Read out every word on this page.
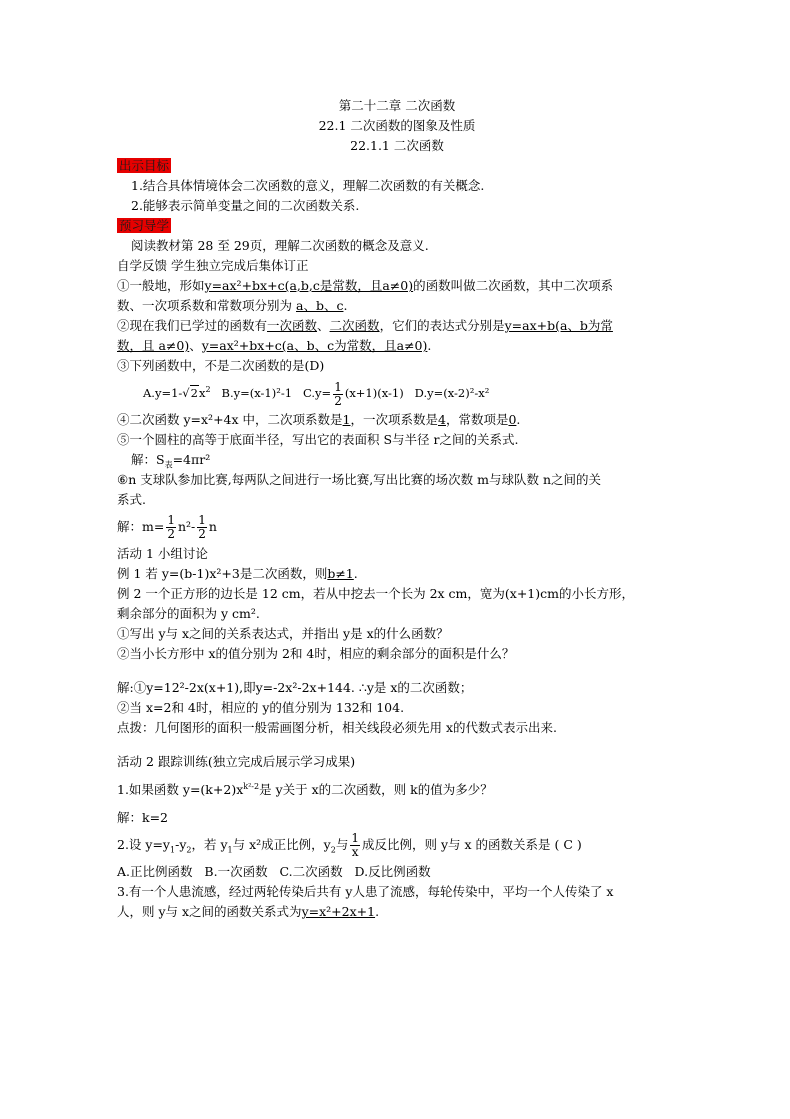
第二十二章 二次函数
22.1 二次函数的图象及性质
22.1.1 二次函数
出示目标
1.结合具体情境体会二次函数的意义，理解二次函数的有关概念.
2.能够表示简单变量之间的二次函数关系.
预习导学
阅读教材第 28 至 29页，理解二次函数的概念及意义.
自学反馈 学生独立完成后集体订正
①一般地，形如y=ax²+bx+c(a,b,c是常数，且a≠0)的函数叫做二次函数，其中二次项系
数、一次项系数和常数项分别为 a、b、c.
②现在我们已学过的函数有一次函数、二次函数，它们的表达式分别是y=ax+b(a、b为常
数，且 a≠0)、y=ax²+bx+c(a、b、c为常数，且a≠0).
③下列函数中，不是二次函数的是(D)
$A.y=1-√2x^2$ B.y=(x-1)²-1 $C.y= \frac{1}{2} (x+1)(x-1)$ D.y=(x-2)²-x²
④二次函数 y=x²+4x 中，二次项系数是1，一次项系数是4，常数项是0.
⑤一个圆柱的高等于底面半径，写出它的表面积 S与半径 r之间的关系式.
解：$S_表=4\pi r^2$
⑥n 支球队参加比赛,每两队之间进行一场比赛,写出比赛的场次数 m与球队数 n之间的关
系式.
解：$m= \frac{1}{2} n^2- \frac{1}{2}$ n
活动 1 小组讨论
例 1 若 y=(b-1)x²+3是二次函数，则b≠1.
例 2 一个正方形的边长是 12 cm，若从中挖去一个长为 2x cm，宽为(x+1)cm的小长方形，
剩余部分的面积为 y cm².
①写出 y与 x之间的关系表达式，并指出 y是 x的什么函数？
②当小长方形中 x的值分别为 2和 4时，相应的剩余部分的面积是什么？
解:①y=12²-2x(x+1),即y=-2x²-2x+144. ∴y是 x的二次函数；
②当 x=2和 4时，相应的 y的值分别为 132和 104.
点拨：几何图形的面积一般需画图分析，相关线段必须先用 x的代数式表示出来.
活动 2 跟踪训练(独立完成后展示学习成果)
1.如果函数 $y=(k+2)x^{k^2-2}$是 y关于 x的二次函数，则 k的值为多少？
解：k=2
2.设 $y=y_1-y_2$，若 $y_1$与 x²成正比例，$y_2$与 $\frac{1}{x}$ 成反比例，则 y与 x 的函数关系是 ( C )
A.正比例函数   B.一次函数   C.二次函数   D.反比例函数
3.有一个人患流感，经过两轮传染后共有 y人患了流感，每轮传染中，平均一个人传染了 x
人，则 y与 x之间的函数关系式为y=x²+2x+1.
